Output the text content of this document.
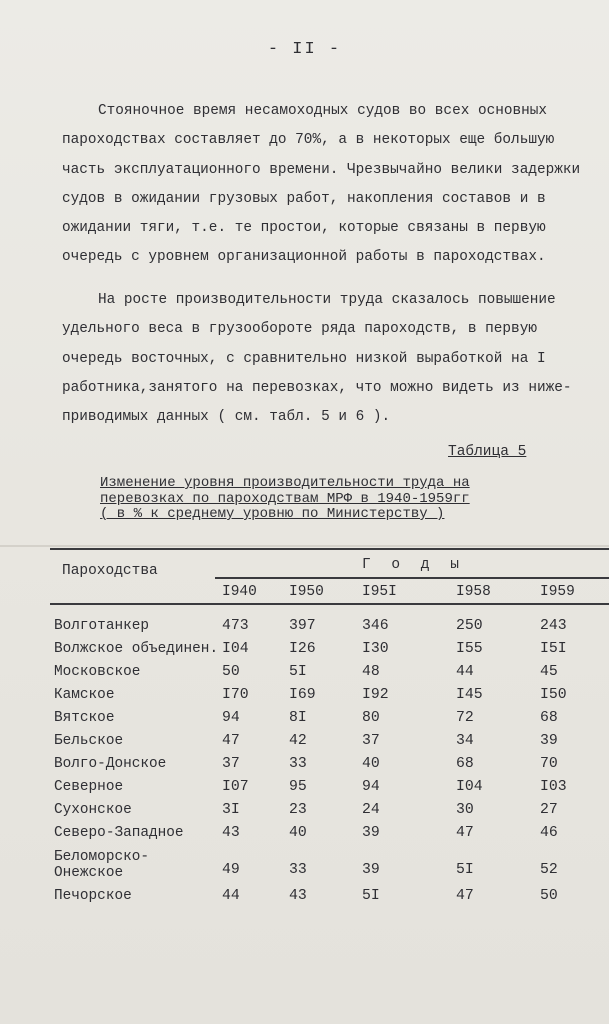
- II -

Стояночное время несамоходных судов во всех основных
пароходствах составляет до 70%, а в некоторых еще большую
часть эксплуатационного времени. Чрезвычайно велики задержки
судов в ожидании грузовых работ, накопления составов и в
ожидании тяги, т.е. те простои, которые связаны в первую
очередь с уровнем организационной работы в пароходствах.

На росте производительности труда сказалось повышение
удельного веса в грузообороте ряда пароходств, в первую
очередь восточных, с сравнительно низкой выработкой на I
работника,занятого на перевозках, что можно видеть из ниже-
приводимых данных ( см. табл. 5 и 6 ).

Таблица 5
Изменение уровня производительности труда на
перевозках по пароходствам МРФ в 1940-1959гг
( в % к среднему уровню по Министерству )
Пароходства	Г о д ы
I940 I950	I95I	I958	I959
Волготанкер	473	397	346	250	243
Волжское объединен. I04	I26	I30	I55	I5I
Московское	50	5I	48	44	45
Камское	I70	I69	I92	I45	I50
Вятское	94	8I	80	72	68
Бельское	47	42	37	34	39
Волго-Донское	37	33	40	68	70
Северное	I07	95	94	I04	I03
Сухонское	3I	23	24	30	27
Северо-Западное	43	40	39	47	46
Беломорско-
Онежское	49	33	39	5I	52
Печорское	44	43	5I	47	50
